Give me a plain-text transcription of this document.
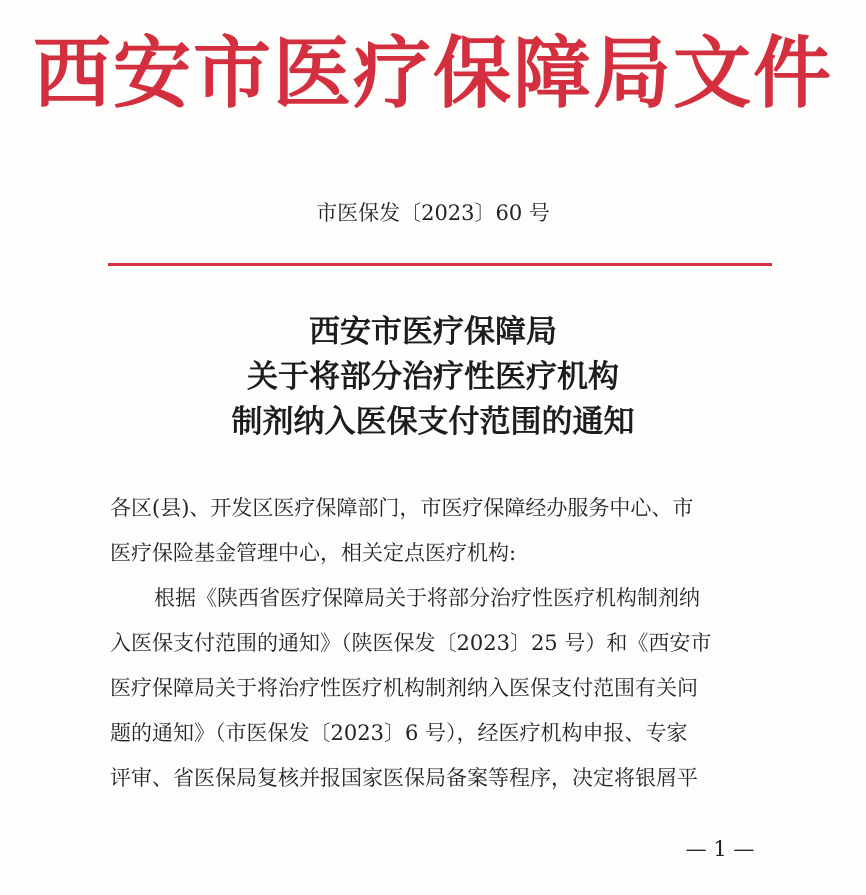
西安市医疗保障局文件
市医保发〔2023〕60 号
西安市医疗保障局
关于将部分治疗性医疗机构
制剂纳入医保支付范围的通知
各区(县)、开发区医疗保障部门，市医疗保障经办服务中心、市
医疗保险基金管理中心，相关定点医疗机构:
根据《陕西省医疗保障局关于将部分治疗性医疗机构制剂纳
入医保支付范围的通知》（陕医保发〔2023〕25 号）和《西安市
医疗保障局关于将治疗性医疗机构制剂纳入医保支付范围有关问
题的通知》（市医保发〔2023〕6 号），经医疗机构申报、专家
评审、省医保局复核并报国家医保局备案等程序，决定将银屑平
— 1 —
